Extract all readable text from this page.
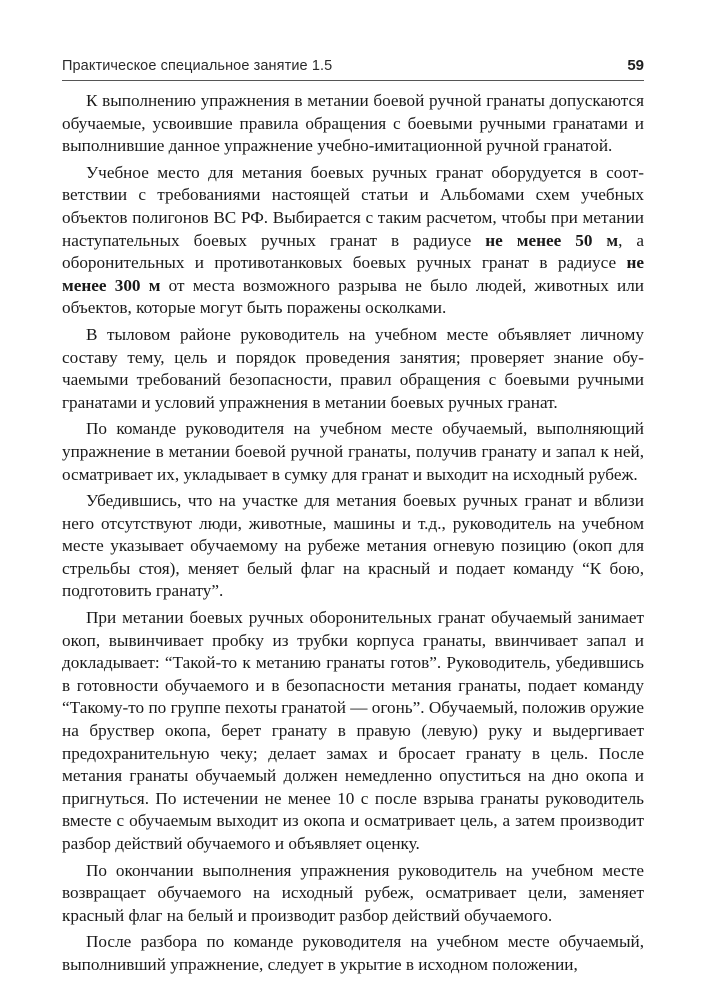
Практическое специальное занятие 1.5	59

К выполнению упражнения в метании боевой ручной гранаты допускаются обучаемые, усвоившие правила обращения с боевыми ручными гранатами и выполнившие данное упражнение учебно-имитационной ручной гранатой.

Учебное место для метания боевых ручных гранат оборудуется в соответствии с требованиями настоящей статьи и Альбомами схем учебных объектов полигонов ВС РФ. Выбирается с таким расчетом, чтобы при метании наступательных боевых ручных гранат в радиусе не менее 50 м, а оборонительных и противотанковых боевых ручных гранат в радиусе не менее 300 м от места возможного разрыва не было людей, животных или объектов, которые могут быть поражены осколками.

В тыловом районе руководитель на учебном месте объявляет личному составу тему, цель и порядок проведения занятия; проверяет знание обучаемыми требований безопасности, правил обращения с боевыми ручными гранатами и условий упражнения в метании боевых ручных гранат.

По команде руководителя на учебном месте обучаемый, выполняющий упражнение в метании боевой ручной гранаты, получив гранату и запал к ней, осматривает их, укладывает в сумку для гранат и выходит на исходный рубеж.

Убедившись, что на участке для метания боевых ручных гранат и вблизи него отсутствуют люди, животные, машины и т.д., руководитель на учебном месте указывает обучаемому на рубеже метания огневую позицию (окоп для стрельбы стоя), меняет белый флаг на красный и подает команду “К бою, подготовить гранату”.

При метании боевых ручных оборонительных гранат обучаемый занимает окоп, вывинчивает пробку из трубки корпуса гранаты, ввинчивает запал и докладывает: “Такой-то к метанию гранаты готов”. Руководитель, убедившись в готовности обучаемого и в безопасности метания гранаты, подает команду “Такому-то по группе пехоты гранатой — огонь”. Обучаемый, положив оружие на бруствер окопа, берет гранату в правую (левую) руку и выдергивает предохранительную чеку; делает замах и бросает гранату в цель. После метания гранаты обучаемый должен немедленно опуститься на дно окопа и пригнуться. По истечении не менее 10 с после взрыва гранаты руководитель вместе с обучаемым выходит из окопа и осматривает цель, а затем производит разбор действий обучаемого и объявляет оценку.

По окончании выполнения упражнения руководитель на учебном месте возвращает обучаемого на исходный рубеж, осматривает цели, заменяет красный флаг на белый и производит разбор действий обучаемого.

После разбора по команде руководителя на учебном месте обучаемый, выполнивший упражнение, следует в укрытие в исходном положении,
